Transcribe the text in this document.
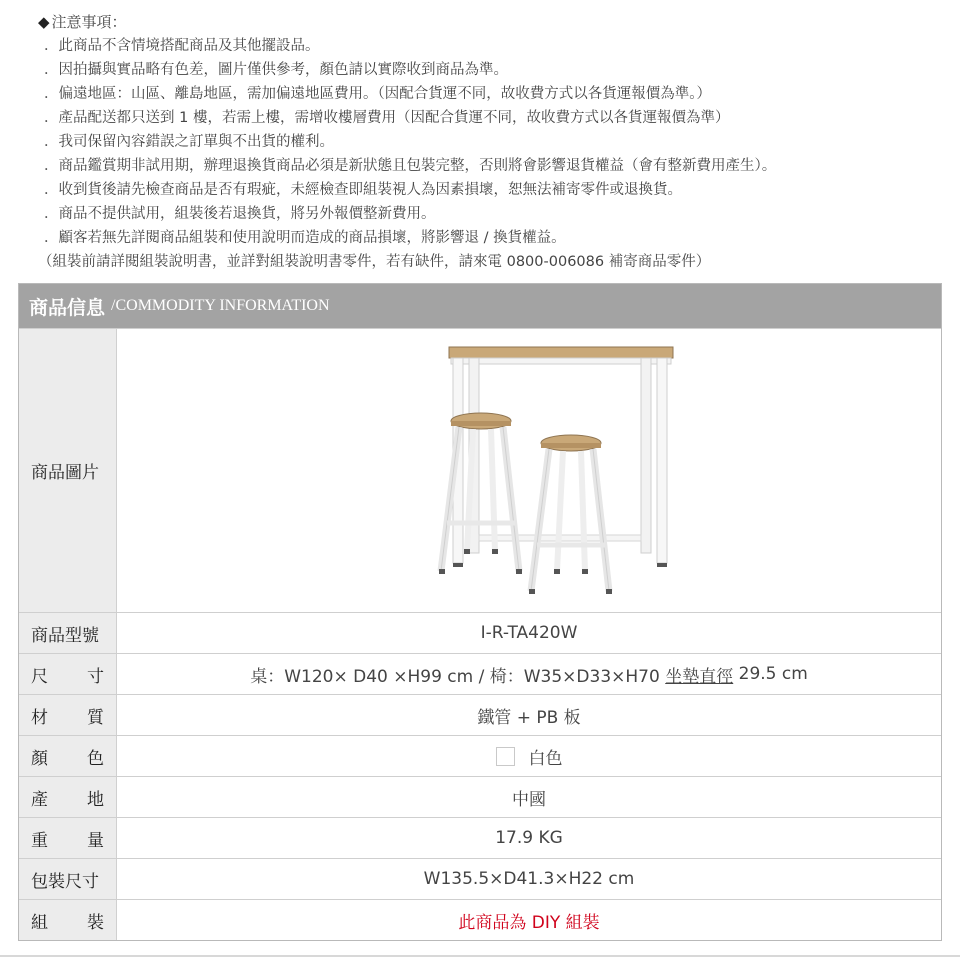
◆ 注意事項：
．此商品不含情境搭配商品及其他擺設品。
．因拍攝與實品略有色差，圖片僅供參考，顏色請以實際收到商品為準。
．偏遠地區：山區、離島地區，需加偏遠地區費用。（因配合貨運不同，故收費方式以各貨運報價為準。）
．產品配送都只送到 1 樓，若需上樓，需增收樓層費用（因配合貨運不同，故收費方式以各貨運報價為準）
．我司保留內容錯誤之訂單與不出貨的權利。
．商品鑑賞期非試用期，辦理退換貨商品必須是新狀態且包裝完整，否則將會影響退貨權益（會有整新費用產生）。
．收到貨後請先檢查商品是否有瑕疵，未經檢查即組裝視人為因素損壞，恕無法補寄零件或退換貨。
．商品不提供試用，組裝後若退換貨，將另外報價整新費用。
．顧客若無先詳閱商品組裝和使用說明而造成的商品損壞，將影響退 / 換貨權益。
（組裝前請詳閱組裝說明書，並詳對組裝說明書零件，若有缺件，請來電 0800-006086 補寄商品零件）
商品信息 /COMMODITY INFORMATION
商品圖片
商品型號	I-R-TA420W
尺 寸	桌：W120× D40 ×H99 cm / 椅：W35×D33×H70 坐墊直徑 29.5 cm
材 質	鐵管 + PB 板
顏 色	白色
產 地	中國
重 量	17.9 KG
包裝尺寸	W135.5×D41.3×H22 cm
組 裝	此商品為 DIY 組裝
